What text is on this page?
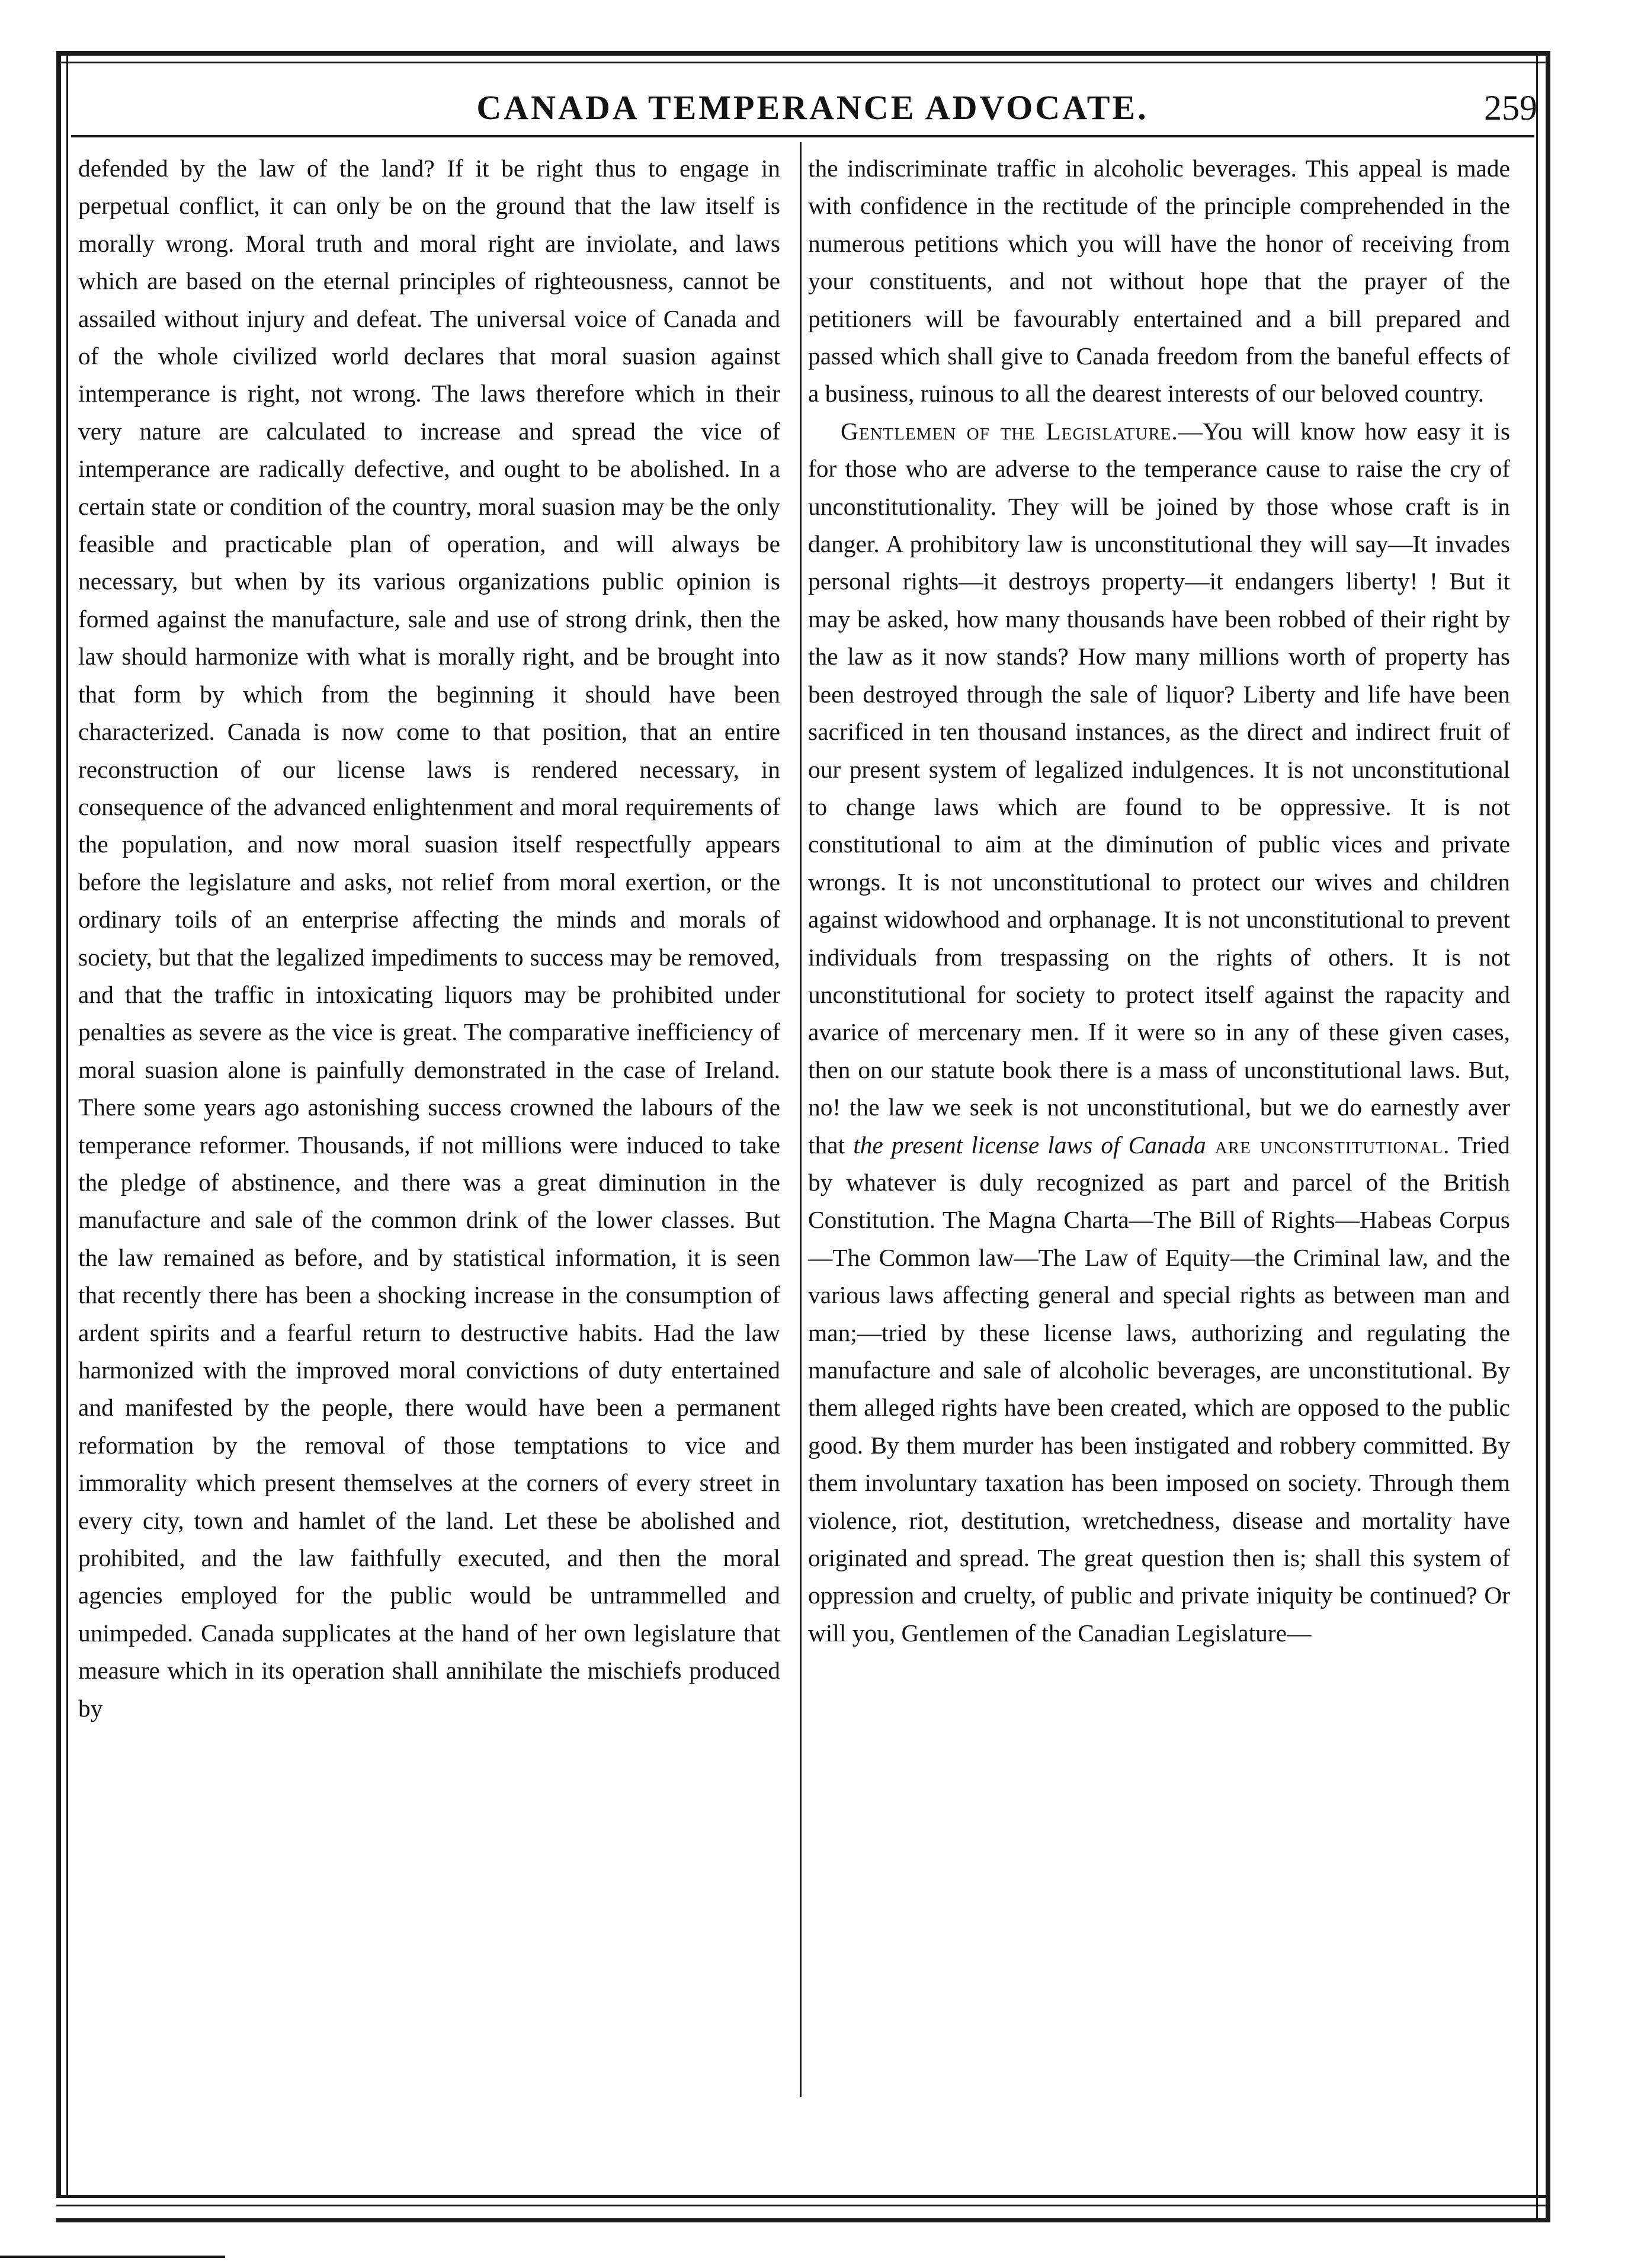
CANADA TEMPERANCE ADVOCATE.	259

defended by the law of the land? If it be right thus to engage in perpetual conflict, it can only be on the ground that the law itself is morally wrong. Moral truth and moral right are inviolate, and laws which are based on the eternal principles of righteousness, cannot be assailed without injury and defeat. The universal voice of Canada and of the whole civilized world declares that moral suasion against intemperance is right, not wrong. The laws therefore which in their very nature are calculated to increase and spread the vice of intemperance are radically defective, and ought to be abolished. In a certain state or condition of the country, moral suasion may be the only feasible and practicable plan of operation, and will always be necessary, but when by its various organizations public opinion is formed against the manufacture, sale and use of strong drink, then the law should harmonize with what is morally right, and be brought into that form by which from the beginning it should have been characterized. Canada is now come to that position, that an entire reconstruction of our license laws is rendered necessary, in consequence of the advanced enlightenment and moral requirements of the population, and now moral suasion itself respectfully appears before the legislature and asks, not relief from moral exertion, or the ordinary toils of an enterprise affecting the minds and morals of society, but that the legalized impediments to success may be removed, and that the traffic in intoxicating liquors may be prohibited under penalties as severe as the vice is great. The comparative inefficiency of moral suasion alone is painfully demonstrated in the case of Ireland. There some years ago astonishing success crowned the labours of the temperance reformer. Thousands, if not millions were induced to take the pledge of abstinence, and there was a great diminution in the manufacture and sale of the common drink of the lower classes. But the law remained as before, and by statistical information, it is seen that recently there has been a shocking increase in the consumption of ardent spirits and a fearful return to destructive habits. Had the law harmonized with the improved moral convictions of duty entertained and manifested by the people, there would have been a permanent reformation by the removal of those temptations to vice and immorality which present themselves at the corners of every street in every city, town and hamlet of the land. Let these be abolished and prohibited, and the law faithfully executed, and then the moral agencies employed for the public would be untrammelled and unimpeded. Canada supplicates at the hand of her own legislature that measure which in its operation shall annihilate the mischiefs produced by

the indiscriminate traffic in alcoholic beverages. This appeal is made with confidence in the rectitude of the principle comprehended in the numerous petitions which you will have the honor of receiving from your constituents, and not without hope that the prayer of the petitioners will be favourably entertained and a bill prepared and passed which shall give to Canada freedom from the baneful effects of a business, ruinous to all the dearest interests of our beloved country.

Gentlemen of the Legislature.—You will know how easy it is for those who are adverse to the temperance cause to raise the cry of unconstitutionality. They will be joined by those whose craft is in danger. A prohibitory law is unconstitutional they will say—It invades personal rights—it destroys property—it endangers liberty! ! But it may be asked, how many thousands have been robbed of their right by the law as it now stands? How many millions worth of property has been destroyed through the sale of liquor? Liberty and life have been sacrificed in ten thousand instances, as the direct and indirect fruit of our present system of legalized indulgences. It is not unconstitutional to change laws which are found to be oppressive. It is not constitutional to aim at the diminution of public vices and private wrongs. It is not unconstitutional to protect our wives and children against widowhood and orphanage. It is not unconstitutional to prevent individuals from trespassing on the rights of others. It is not unconstitutional for society to protect itself against the rapacity and avarice of mercenary men. If it were so in any of these given cases, then on our statute book there is a mass of unconstitutional laws. But, no! the law we seek is not unconstitutional, but we do earnestly aver that the present license laws of Canada are unconstitutional. Tried by whatever is duly recognized as part and parcel of the British Constitution. The Magna Charta—The Bill of Rights—Habeas Corpus—The Common law—The Law of Equity—the Criminal law, and the various laws affecting general and special rights as between man and man;—tried by these license laws, authorizing and regulating the manufacture and sale of alcoholic beverages, are unconstitutional. By them alleged rights have been created, which are opposed to the public good. By them murder has been instigated and robbery committed. By them involuntary taxation has been imposed on society. Through them violence, riot, destitution, wretchedness, disease and mortality have originated and spread. The great question then is; shall this system of oppression and cruelty, of public and private iniquity be continued? Or will you, Gentlemen of the Canadian Legislature—
